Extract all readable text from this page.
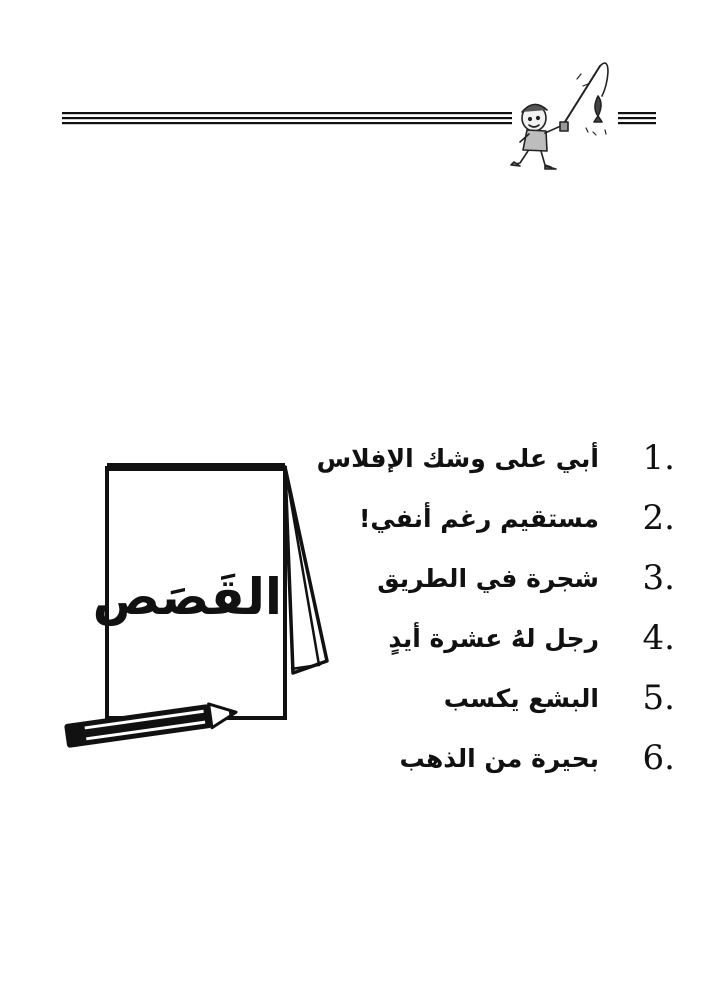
القَصَص
1.
أبي على وشك الإفلاس
2.
مستقيم رغم أنفي!
3.
شجرة في الطريق
4.
رجل لهُ عشرة أيدٍ
5.
البشع يكسب
6.
بحيرة من الذهب
